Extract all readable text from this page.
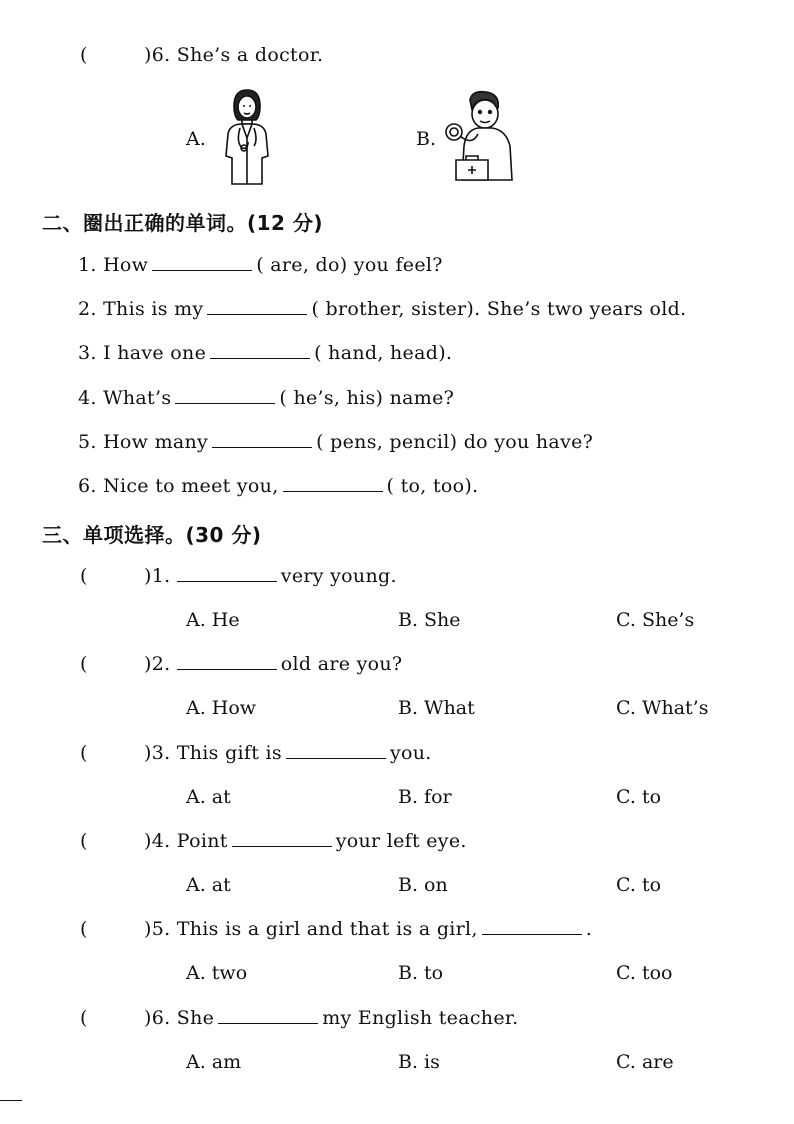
(	)6. She’s a doctor.
A.	B.
二、圈出正确的单词。(12 分)
1. How	( are, do) you feel?
2. This is my	( brother, sister). She’s two years old.
3. I have one	( hand, head).
4. What’s	( he’s, his) name?
5. How many	( pens, pencil) do you have?
6. Nice to meet you,	( to, too).
三、单项选择。(30 分)
(	)1.	very young.
A. He	B. She	C. She’s
(	)2.	old are you?
A. How	B. What	C. What’s
(	)3. This gift is	you.
A. at	B. for	C. to
(	)4. Point	your left eye.
A. at	B. on	C. to
(	)5. This is a girl and that is a girl,	.
A. two	B. to	C. too
(	)6. She	my English teacher.
A. am	B. is	C. are
